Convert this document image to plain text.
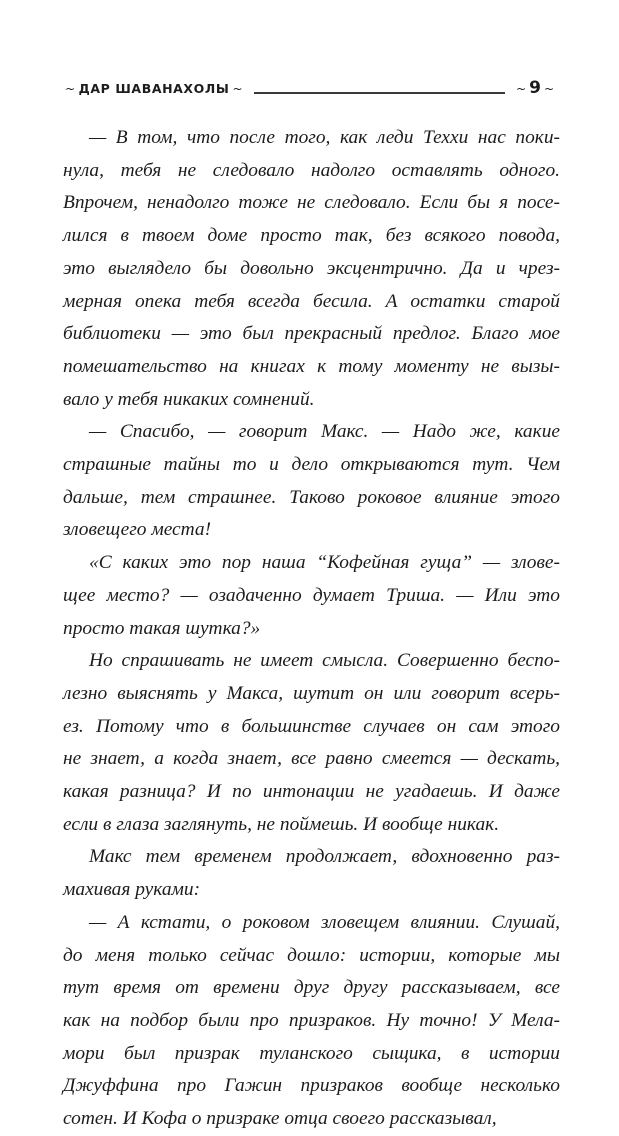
~ ДАР ШАВАНАХОЛЫ ~	~ 9 ~

— В том, что после того, как леди Теххи нас поки-

нула, тебя не следовало надолго оставлять одного.

Впрочем, ненадолго тоже не следовало. Если бы я посе-

лился в твоем доме просто так, без всякого повода,

это выглядело бы довольно эксцентрично. Да и чрез-

мерная опека тебя всегда бесила. А остатки старой

библиотеки — это был прекрасный предлог. Благо мое

помешательство на книгах к тому моменту не вызы-

вало у тебя никаких сомнений.

— Спасибо, — говорит Макс. — Надо же, какие

страшные тайны то и дело открываются тут. Чем

дальше, тем страшнее. Таково роковое влияние этого

зловещего места!

«С каких это пор наша “Кофейная гуща” — злове-

щее место? — озадаченно думает Триша. — Или это

просто такая шутка?»

Но спрашивать не имеет смысла. Совершенно беспо-

лезно выяснять у Макса, шутит он или говорит всерь-

ез. Потому что в большинстве случаев он сам этого

не знает, а когда знает, все равно смеется — дескать,

какая разница? И по интонации не угадаешь. И даже

если в глаза заглянуть, не поймешь. И вообще никак.

Макс тем временем продолжает, вдохновенно раз-

махивая руками:

— А кстати, о роковом зловещем влиянии. Слушай,

до меня только сейчас дошло: истории, которые мы

тут время от времени друг другу рассказываем, все

как на подбор были про призраков. Ну точно! У Мела-

мори был призрак туланского сыщика, в истории

Джуффина про Гажин призраков вообще несколько

сотен. И Кофа о призраке отца своего рассказывал,
